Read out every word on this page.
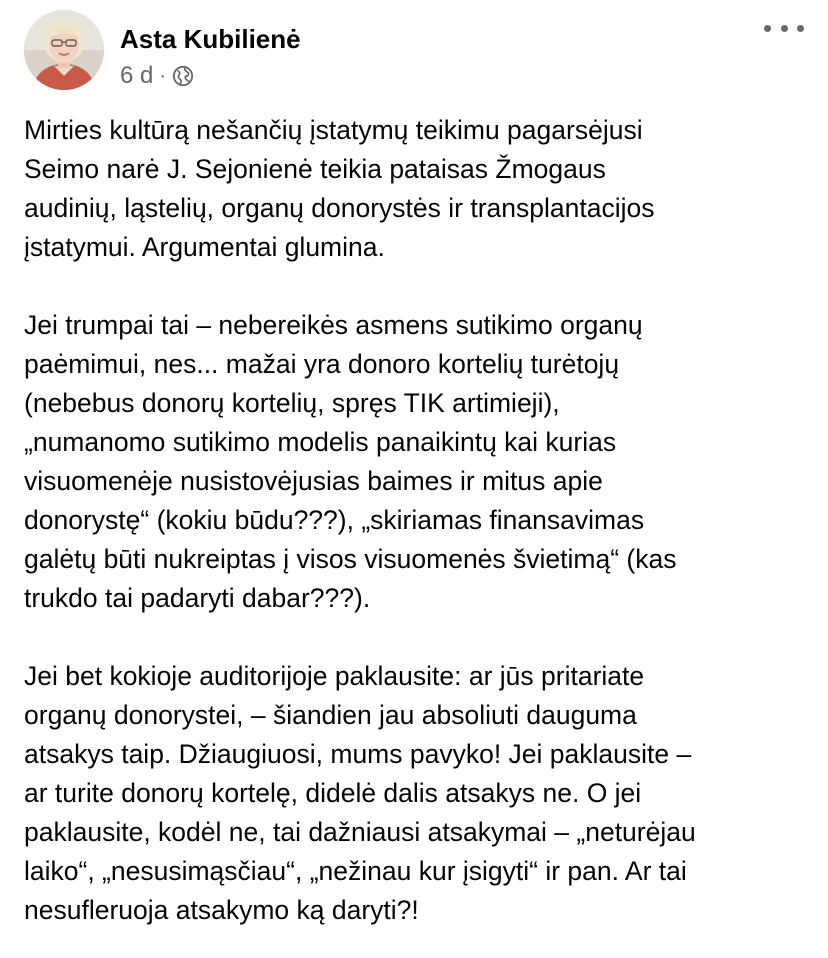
Asta Kubilienė
6 d ·

Mirties kultūrą nešančių įstatymų teikimu pagarsėjusi
Seimo narė J. Sejonienė teikia pataisas Žmogaus
audinių, ląstelių, organų donorystės ir transplantacijos
įstatymui. Argumentai glumina.

Jei trumpai tai – nebereikės asmens sutikimo organų
paėmimui, nes... mažai yra donoro kortelių turėtojų
(nebebus donorų kortelių, spręs TIK artimieji),
„numanomo sutikimo modelis panaikintų kai kurias
visuomenėje nusistovėjusias baimes ir mitus apie
donorystę“ (kokiu būdu???), „skiriamas finansavimas
galėtų būti nukreiptas į visos visuomenės švietimą“ (kas
trukdo tai padaryti dabar???).

Jei bet kokioje auditorijoje paklausite: ar jūs pritariate
organų donorystei, – šiandien jau absoliuti dauguma
atsakys taip. Džiaugiuosi, mums pavyko! Jei paklausite –
ar turite donorų kortelę, didelė dalis atsakys ne. O jei
paklausite, kodėl ne, tai dažniausi atsakymai – „neturėjau
laiko“, „nesusimąsčiau“, „nežinau kur įsigyti“ ir pan. Ar tai
nesufleruoja atsakymo ką daryti?!
